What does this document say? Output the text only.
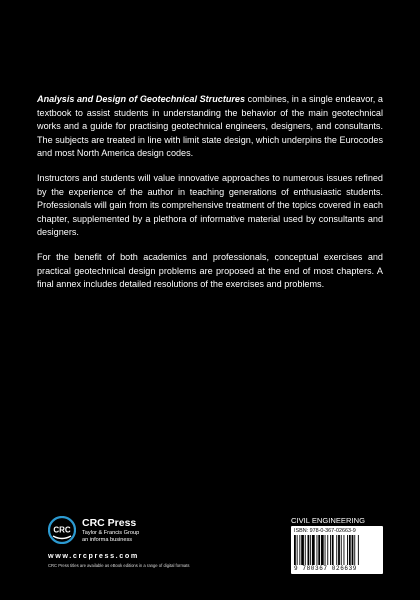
Analysis and Design of Geotechnical Structures combines, in a single endeavor, a textbook to assist students in understanding the behavior of the main geotechnical works and a guide for practising geotechnical engineers, designers, and consultants. The subjects are treated in line with limit state design, which underpins the Eurocodes and most North America design codes.

Instructors and students will value innovative approaches to numerous issues refined by the experience of the author in teaching generations of enthusiastic students. Professionals will gain from its comprehensive treatment of the topics covered in each chapter, supplemented by a plethora of informative material used by consultants and designers.

For the benefit of both academics and professionals, conceptual exercises and practical geotechnical design problems are proposed at the end of most chapters. A final annex includes detailed resolutions of the exercises and problems.

CRC
CRC Press
Taylor & Francis Group
an informa business
www.crcpress.com
CRC Press titles are available as eBook editions in a range of digital formats
CIVIL ENGINEERING
ISBN: 978-0-367-02663-9
9 780367 026639
